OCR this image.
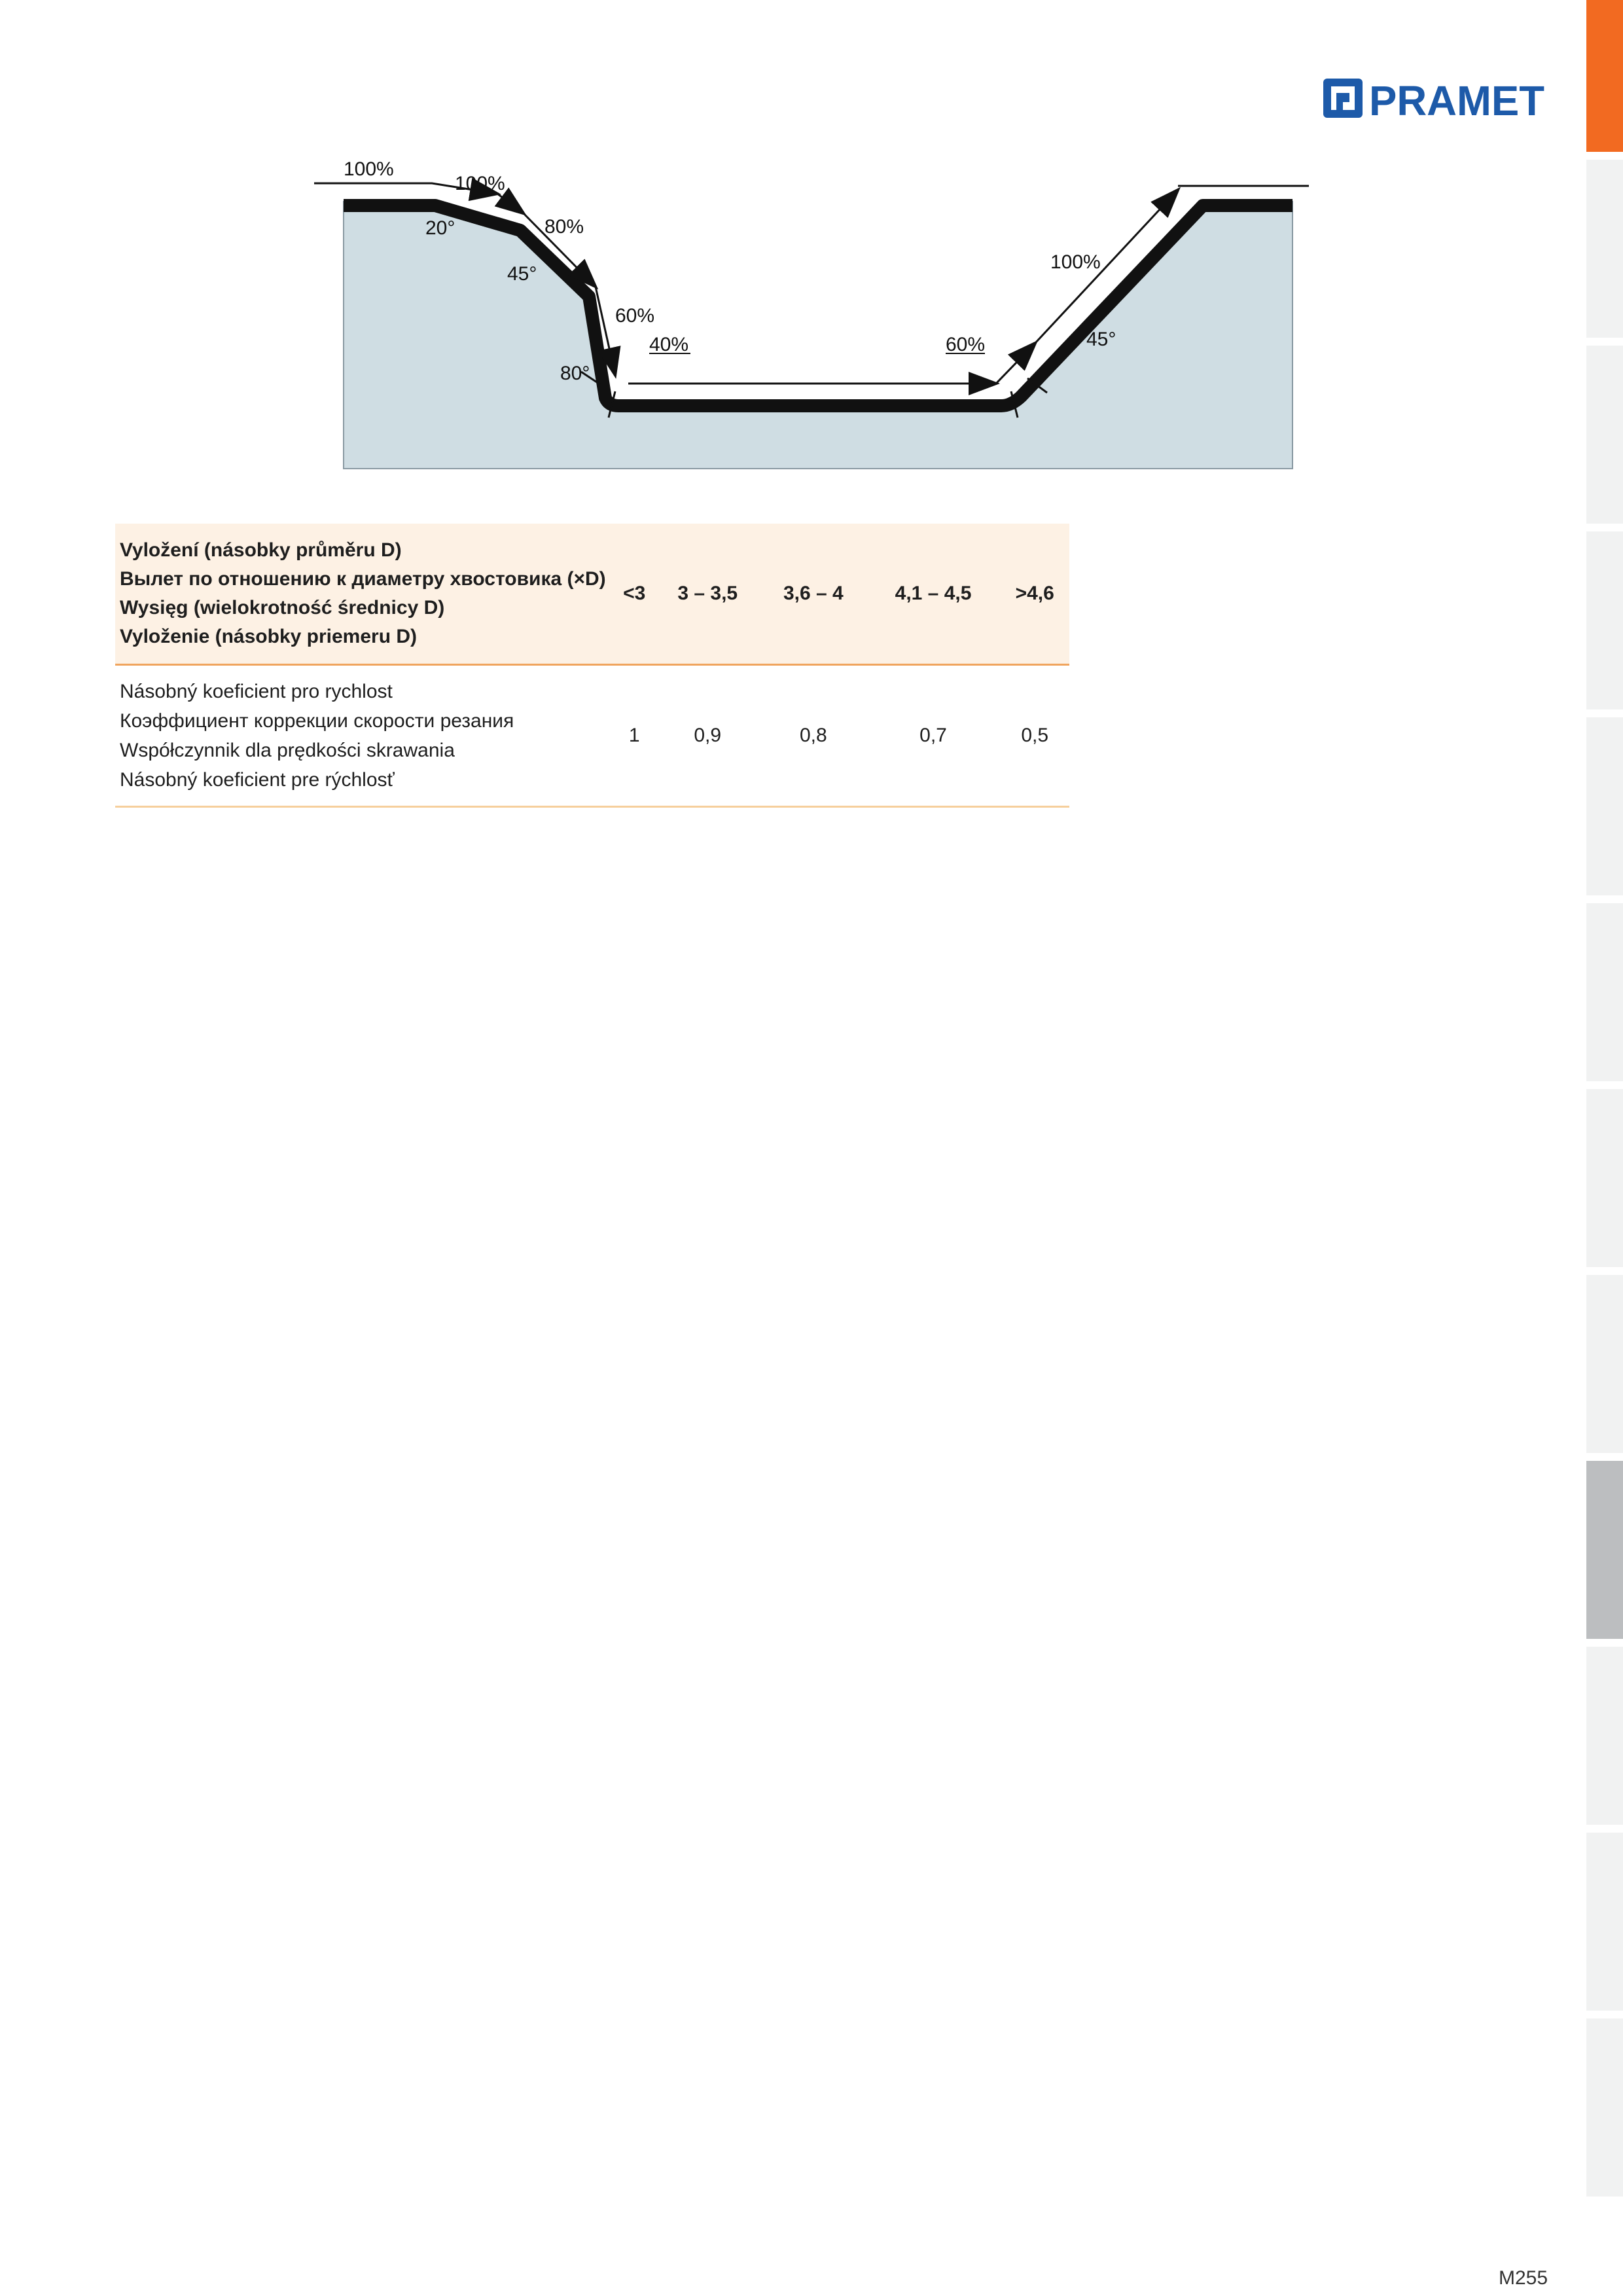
PRAMET
100%
100%
80%
60%
40%	60%
100%
20°
45°
80°
45°
Vyložení (násobky průměru D)
Вылет по отношению к диаметру хвостовика (×D)
Wysięg (wielokrotność średnicy D)
Vyloženie (násobky priemeru D)	<3	3 – 3,5	3,6 – 4	4,1 – 4,5	>4,6

Násobný koeficient pro rychlost
Коэффициент коррекции скорости резания
Współczynnik dla prędkości skrawania
Násobný koeficient pre rýchlosť	1	0,9	0,8	0,7	0,5
M255
